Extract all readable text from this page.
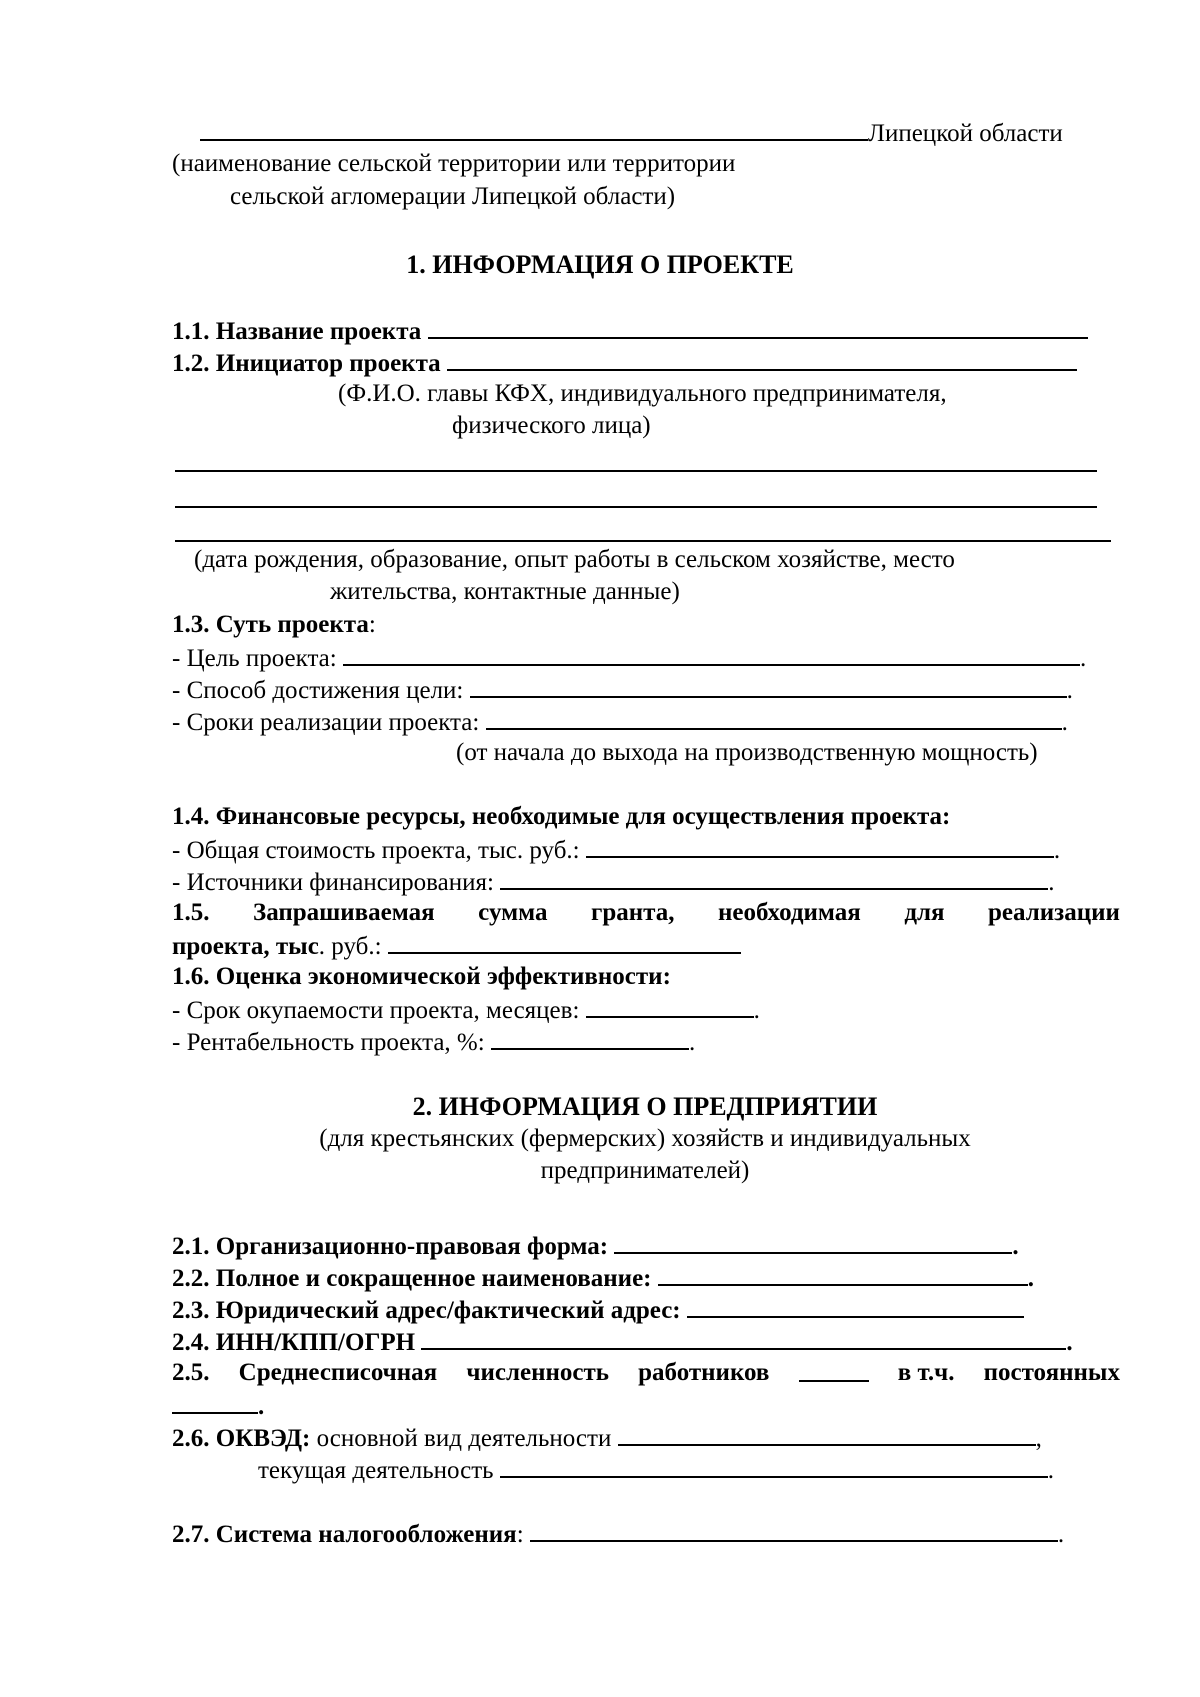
Липецкой области
(наименование сельской территории или территории
сельской агломерации Липецкой области)
1. ИНФОРМАЦИЯ О ПРОЕКТЕ
1.1. Название проекта
1.2. Инициатор проекта
(Ф.И.О. главы КФХ, индивидуального предпринимателя,
физического лица)
(дата рождения, образование, опыт работы в сельском хозяйстве, место
жительства, контактные данные)
1.3. Суть проекта:
- Цель проекта:	.
- Способ достижения цели:	.
- Сроки реализации проекта:	.
(от начала до выхода на производственную мощность)
1.4. Финансовые ресурсы, необходимые для осуществления проекта:
- Общая стоимость проекта, тыс. руб.:	.
- Источники финансирования:	.
1.5. Запрашиваемая сумма гранта, необходимая для реализации
проекта, тыс. руб.:
1.6. Оценка экономической эффективности:
- Срок окупаемости проекта, месяцев:	.
- Рентабельность проекта, %:	.
2. ИНФОРМАЦИЯ О ПРЕДПРИЯТИИ
(для крестьянских (фермерских) хозяйств и индивидуальных
предпринимателей)
2.1. Организационно-правовая форма:	.
2.2. Полное и сокращенное наименование:	.
2.3. Юридический адрес/фактический адрес:
2.4. ИНН/КПП/ОГРН	.
2.5. Среднесписочная численность работников	в т.ч. постоянных
.
2.6. ОКВЭД: основной вид деятельности	,
текущая деятельность	.
2.7. Система налогообложения:	.
